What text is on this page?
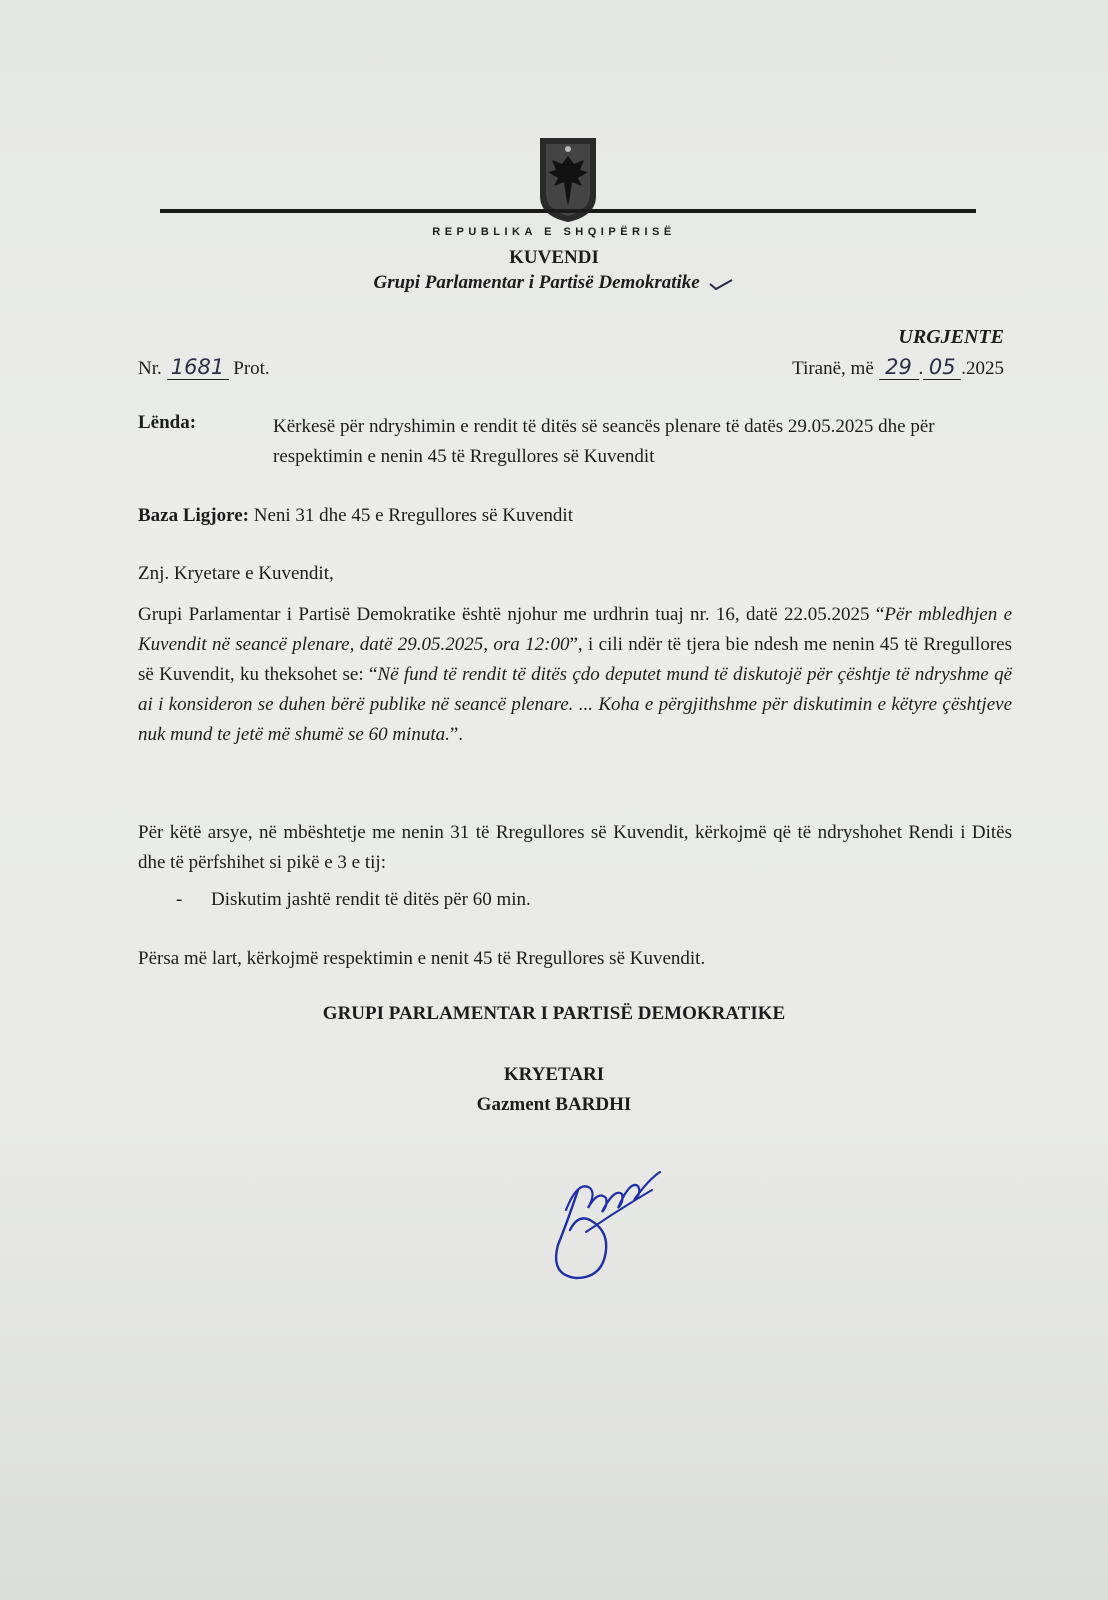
REPUBLIKA E SHQIPËRISË
KUVENDI
Grupi Parlamentar i Partisë Demokratike
URGJENTE
Nr. 1681 Prot.	Tiranë, më 29 . 05 .2025
Lënda:	Kërkesë për ndryshimin e rendit të ditës së seancës plenare të datës 29.05.2025 dhe për respektimin e nenin 45 të Rregullores së Kuvendit
Baza Ligjore: Neni 31 dhe 45 e Rregullores së Kuvendit
Znj. Kryetare e Kuvendit,
Grupi Parlamentar i Partisë Demokratike është njohur me urdhrin tuaj nr. 16, datë 22.05.2025 “Për mbledhjen e Kuvendit në seancë plenare, datë 29.05.2025, ora 12:00”, i cili ndër të tjera bie ndesh me nenin 45 të Rregullores së Kuvendit, ku theksohet se: “Në fund të rendit të ditës çdo deputet mund të diskutojë për çështje të ndryshme që ai i konsideron se duhen bërë publike në seancë plenare. ... Koha e përgjithshme për diskutimin e këtyre çështjeve nuk mund te jetë më shumë se 60 minuta.”.
Për këtë arsye, në mbështetje me nenin 31 të Rregullores së Kuvendit, kërkojmë që të ndryshohet Rendi i Ditës dhe të përfshihet si pikë e 3 e tij:
- Diskutim jashtë rendit të ditës për 60 min.
Përsa më lart, kërkojmë respektimin e nenit 45 të Rregullores së Kuvendit.
GRUPI PARLAMENTAR I PARTISË DEMOKRATIKE
KRYETARI
Gazment BARDHI
